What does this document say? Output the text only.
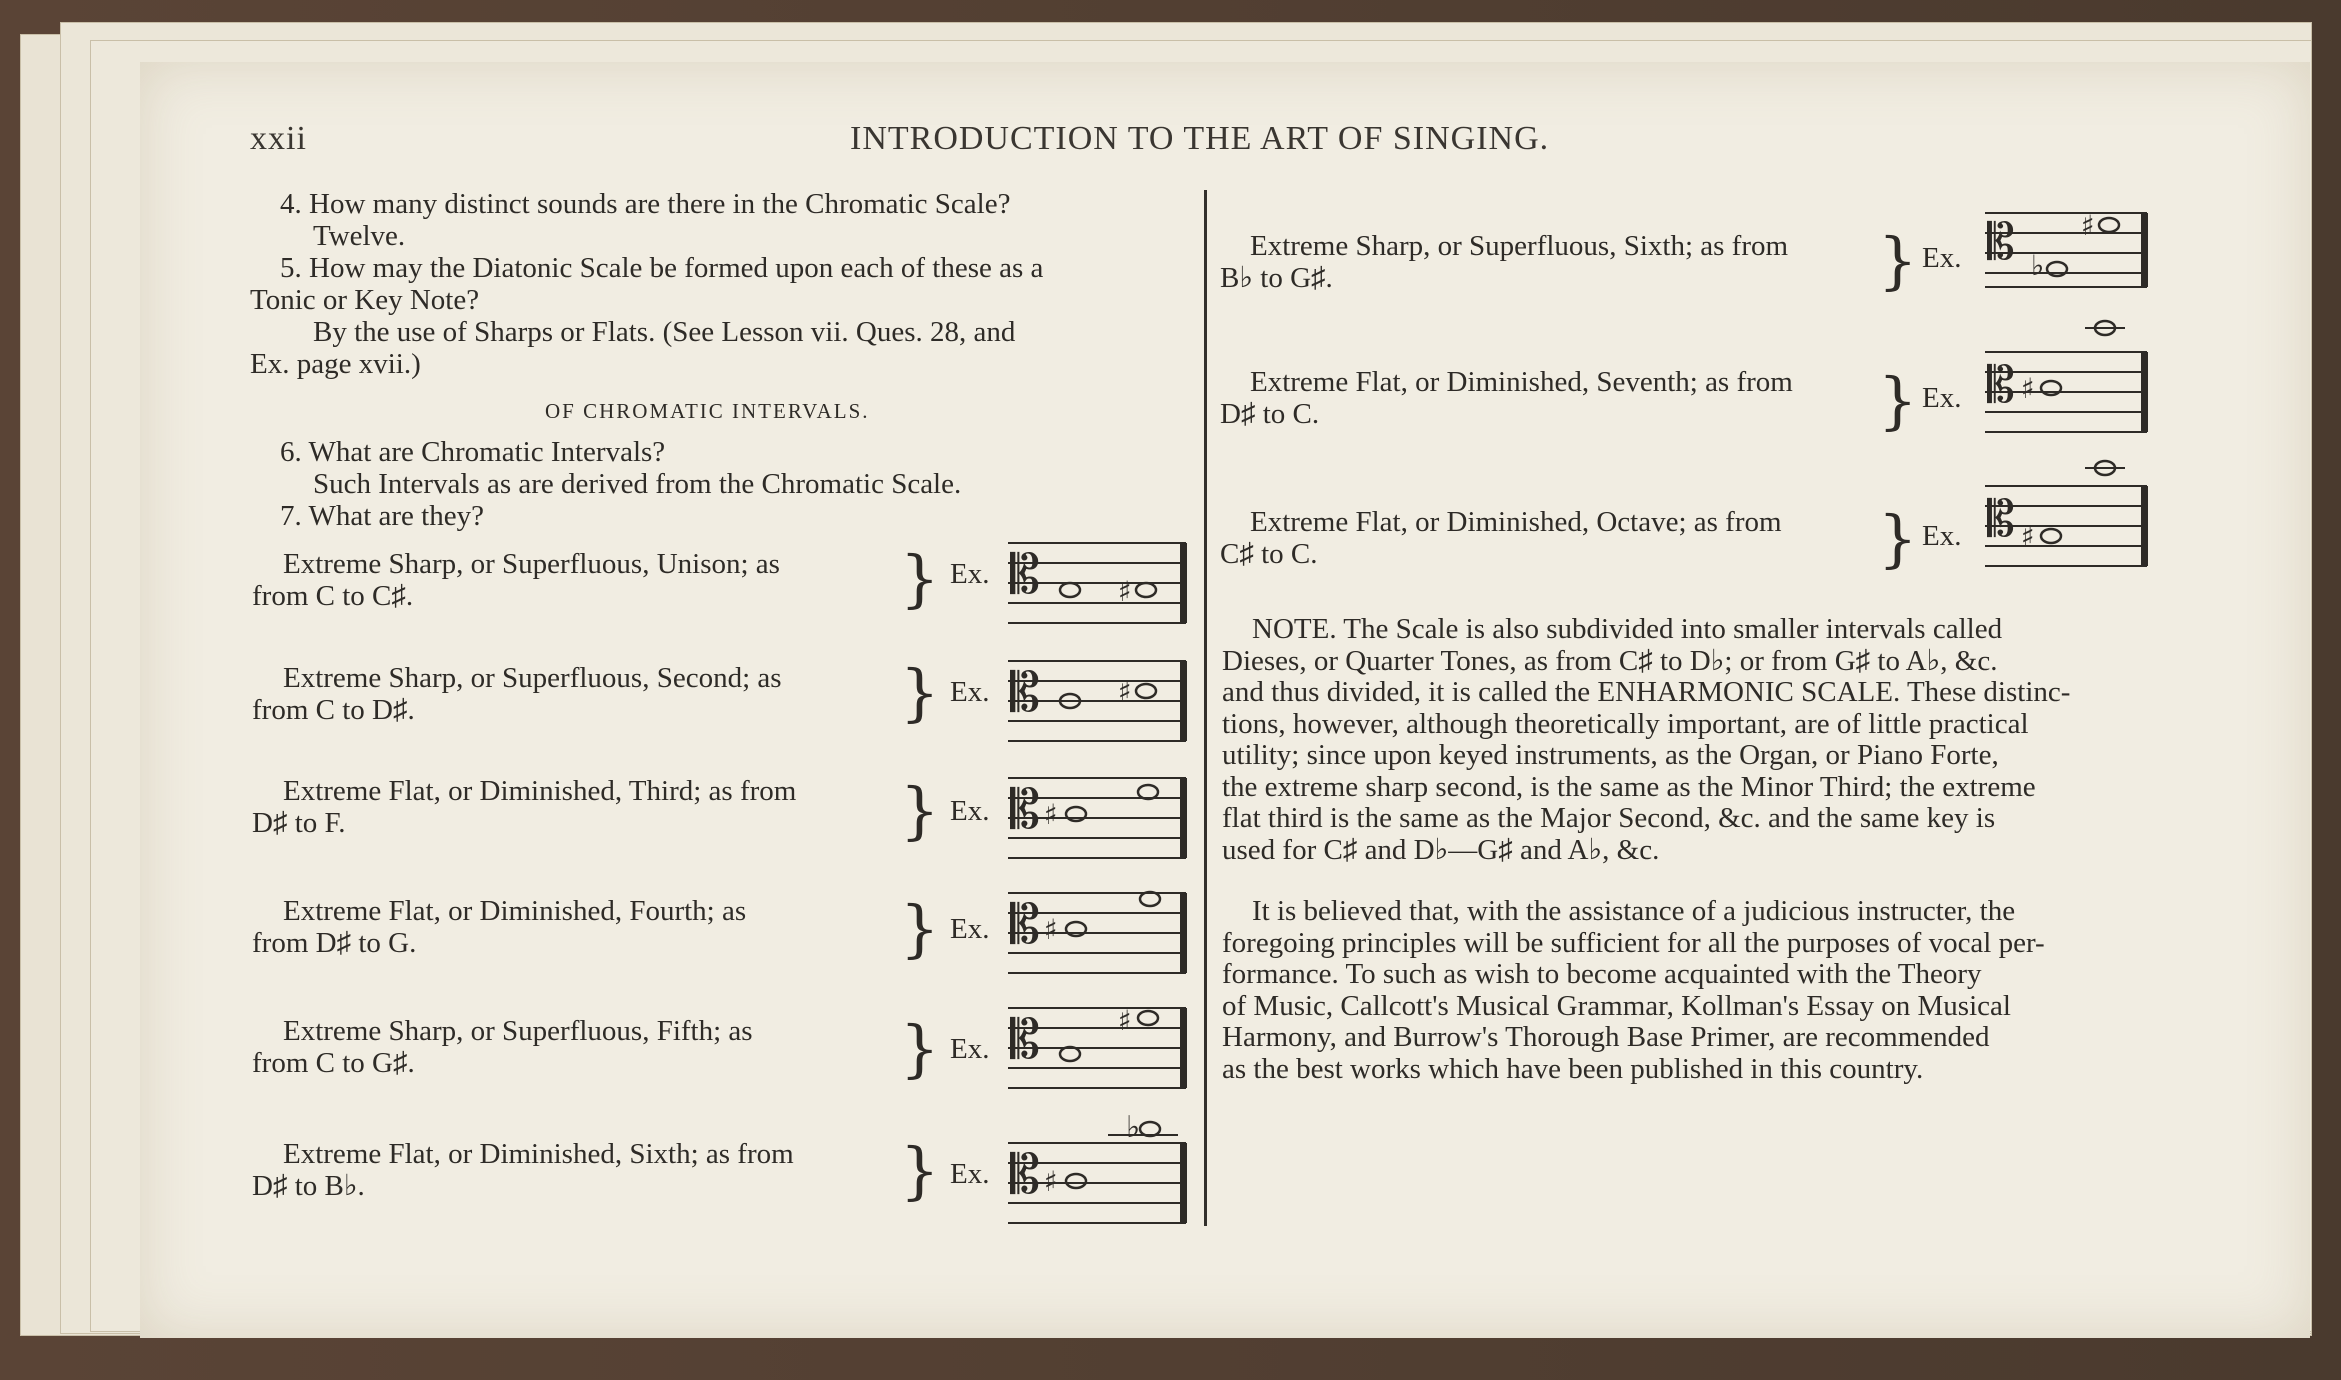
xxii	INTRODUCTION TO THE ART OF SINGING.
4. How many distinct sounds are there in the Chromatic Scale?
Twelve.
5. How may the Diatonic Scale be formed upon each of these as a
Tonic or Key Note?
By the use of Sharps or Flats. (See Lesson vii. Ques. 28, and
Ex. page xvii.)
OF CHROMATIC INTERVALS.
6. What are Chromatic Intervals?
Such Intervals as are derived from the Chromatic Scale.
7. What are they?
Extreme Sharp, or Superfluous, Unison; as
from C to C♯.	} Ex. 𝄡	♯
Extreme Sharp, or Superfluous, Second; as
from C to D♯.	} Ex. 𝄡	♯
Extreme Flat, or Diminished, Third; as from
D♯ to F.	} Ex. 𝄡 ♯
Extreme Flat, or Diminished, Fourth; as
from D♯ to G.	} Ex. 𝄡 ♯
Extreme Sharp, or Superfluous, Fifth; as
from C to G♯.	} Ex. 𝄡	♯
Extreme Flat, or Diminished, Sixth; as from
D♯ to B♭.	} Ex. 𝄡 ♯
♭
Extreme Sharp, or Superfluous, Sixth; as from
B♭ to G♯.	} Ex. 𝄡 ♭
♯
Extreme Flat, or Diminished, Seventh; as from
D♯ to C.	} Ex. 𝄡 ♯
Extreme Flat, or Diminished, Octave; as from
C♯ to C.	} Ex. 𝄡 ♯
NOTE. The Scale is also subdivided into smaller intervals called
Dieses, or Quarter Tones, as from C♯ to D♭; or from G♯ to A♭, &c.
and thus divided, it is called the ENHARMONIC SCALE. These distinc-
tions, however, although theoretically important, are of little practical
utility; since upon keyed instruments, as the Organ, or Piano Forte,
the extreme sharp second, is the same as the Minor Third; the extreme
flat third is the same as the Major Second, &c. and the same key is
used for C♯ and D♭—G♯ and A♭, &c.
It is believed that, with the assistance of a judicious instructer, the
foregoing principles will be sufficient for all the purposes of vocal per-
formance. To such as wish to become acquainted with the Theory
of Music, Callcott's Musical Grammar, Kollman's Essay on Musical
Harmony, and Burrow's Thorough Base Primer, are recommended
as the best works which have been published in this country.
